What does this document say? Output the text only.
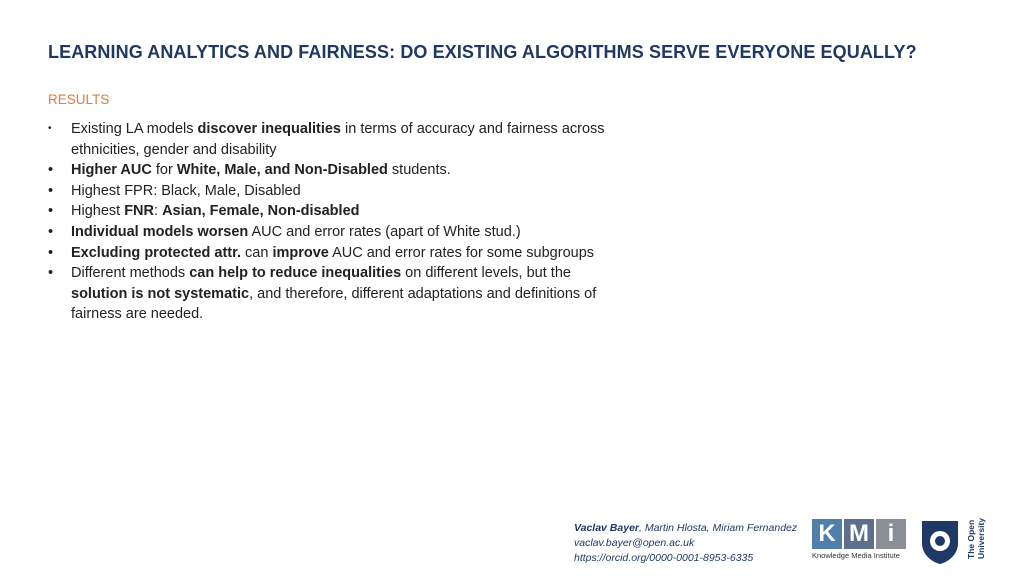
LEARNING ANALYTICS AND FAIRNESS: DO EXISTING ALGORITHMS SERVE EVERYONE EQUALLY?
RESULTS
•	Existing LA models discover inequalities in terms of accuracy and fairness across ethnicities, gender and disability
•	Higher AUC for White, Male, and Non-Disabled students.
•	Highest FPR: Black, Male, Disabled
•	Highest FNR: Asian, Female, Non-disabled
•	Individual models worsen AUC and error rates (apart of White stud.)
•	Excluding protected attr. can improve AUC and error rates for some subgroups
•	Different methods can help to reduce inequalities on different levels, but the solution is not systematic, and therefore, different adaptations and definitions of fairness are needed.
Vaclav Bayer, Martin Hlosta, Miriam Fernandez
vaclav.bayer@open.ac.uk
https://orcid.org/0000-0001-8953-6335
K M i
Knowledge Media Institute	The Open University
